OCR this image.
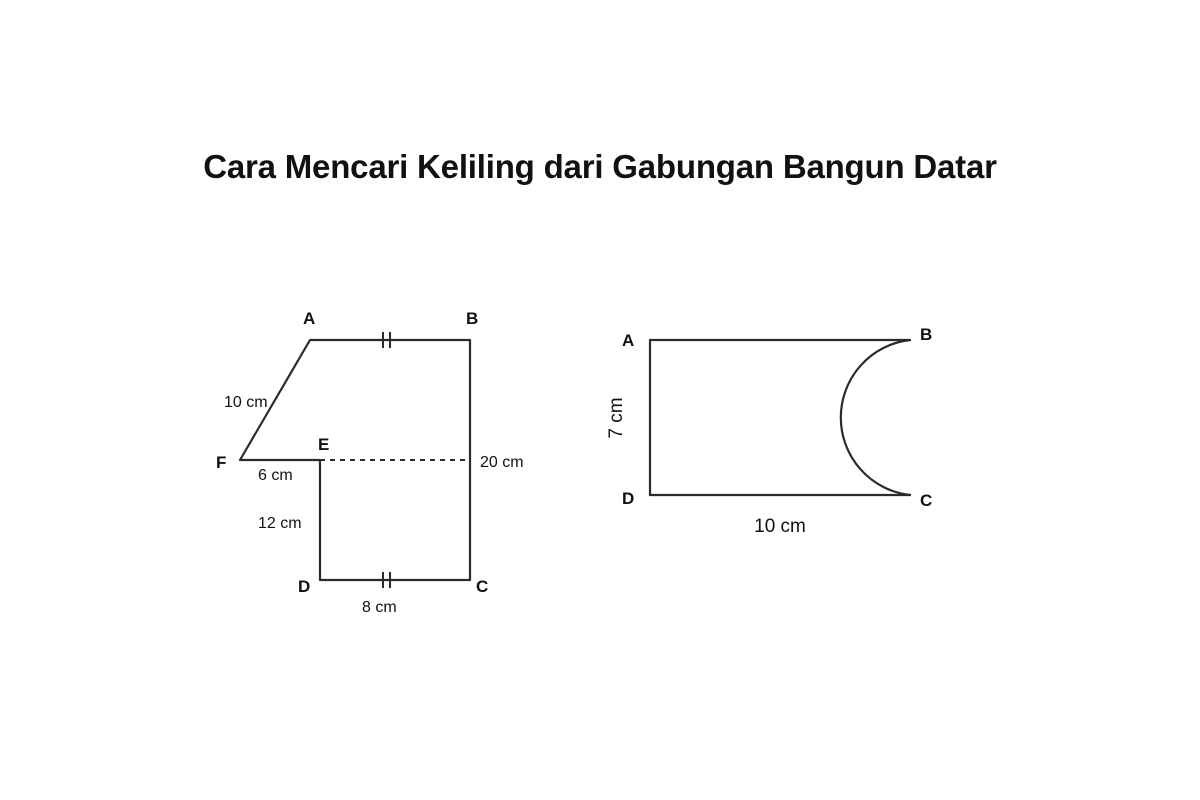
Cara Mencari Keliling dari Gabungan Bangun Datar
A	B
C
D
E
F
10 cm
6 cm
20 cm
12 cm
8 cm
A	B
C
D
7 cm
10 cm
